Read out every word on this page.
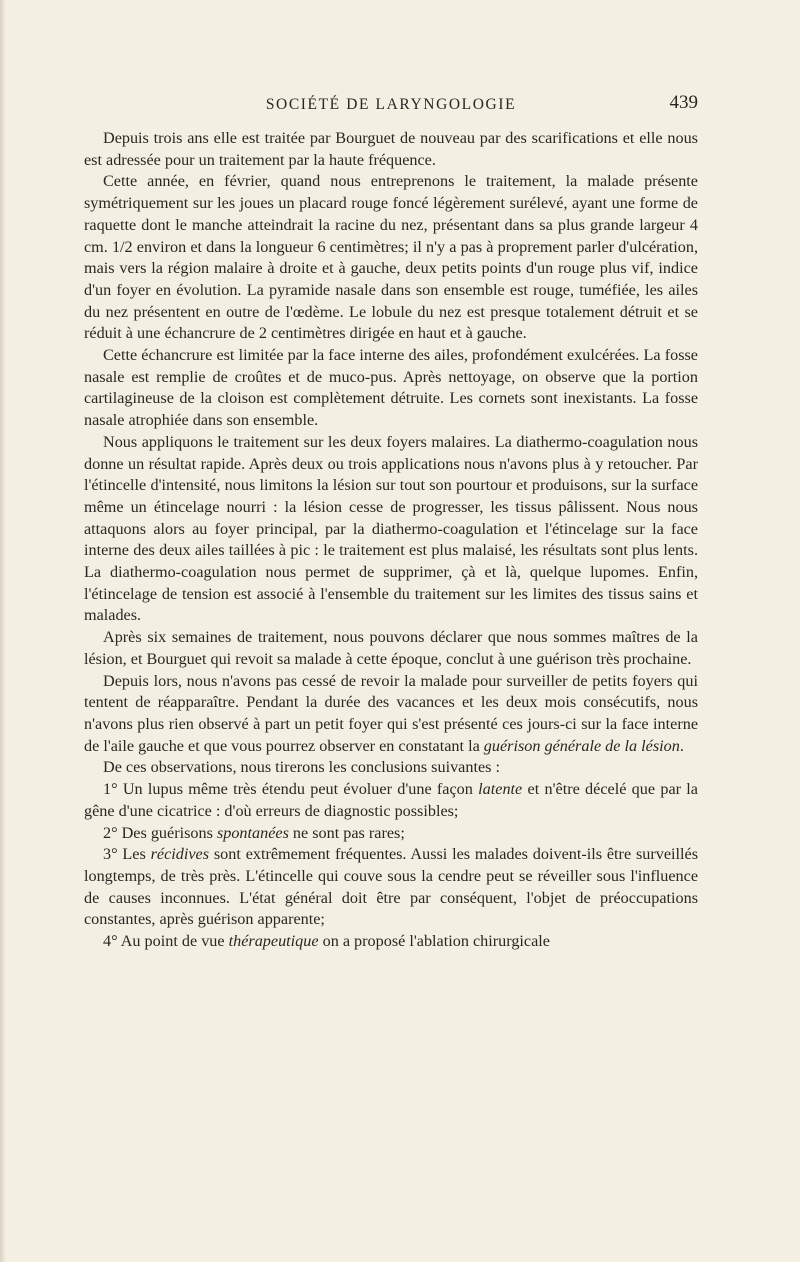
SOCIÉTÉ DE LARYNGOLOGIE	439

Depuis trois ans elle est traitée par Bourguet de nouveau par des scarifications et elle nous est adressée pour un traitement par la haute fréquence.

Cette année, en février, quand nous entreprenons le traitement, la malade présente symétriquement sur les joues un placard rouge foncé légèrement surélevé, ayant une forme de raquette dont le manche atteindrait la racine du nez, présentant dans sa plus grande largeur 4 cm. 1/2 environ et dans la longueur 6 centimètres; il n'y a pas à proprement parler d'ulcération, mais vers la région malaire à droite et à gauche, deux petits points d'un rouge plus vif, indice d'un foyer en évolution. La pyramide nasale dans son ensemble est rouge, tuméfiée, les ailes du nez présentent en outre de l'œdème. Le lobule du nez est presque totalement détruit et se réduit à une échancrure de 2 centimètres dirigée en haut et à gauche.

Cette échancrure est limitée par la face interne des ailes, profondément exulcérées. La fosse nasale est remplie de croûtes et de muco-pus. Après nettoyage, on observe que la portion cartilagineuse de la cloison est complètement détruite. Les cornets sont inexistants. La fosse nasale atrophiée dans son ensemble.

Nous appliquons le traitement sur les deux foyers malaires. La diathermo-coagulation nous donne un résultat rapide. Après deux ou trois applications nous n'avons plus à y retoucher. Par l'étincelle d'intensité, nous limitons la lésion sur tout son pourtour et produisons, sur la surface même un étincelage nourri : la lésion cesse de progresser, les tissus pâlissent. Nous nous attaquons alors au foyer principal, par la diathermo-coagulation et l'étincelage sur la face interne des deux ailes taillées à pic : le traitement est plus malaisé, les résultats sont plus lents. La diathermo-coagulation nous permet de supprimer, çà et là, quelque lupomes. Enfin, l'étincelage de tension est associé à l'ensemble du traitement sur les limites des tissus sains et malades.

Après six semaines de traitement, nous pouvons déclarer que nous sommes maîtres de la lésion, et Bourguet qui revoit sa malade à cette époque, conclut à une guérison très prochaine.

Depuis lors, nous n'avons pas cessé de revoir la malade pour surveiller de petits foyers qui tentent de réapparaître. Pendant la durée des vacances et les deux mois consécutifs, nous n'avons plus rien observé à part un petit foyer qui s'est présenté ces jours-ci sur la face interne de l'aile gauche et que vous pourrez observer en constatant la guérison générale de la lésion.

De ces observations, nous tirerons les conclusions suivantes :

1° Un lupus même très étendu peut évoluer d'une façon latente et n'être décelé que par la gêne d'une cicatrice : d'où erreurs de diagnostic possibles;

2° Des guérisons spontanées ne sont pas rares;

3° Les récidives sont extrêmement fréquentes. Aussi les malades doivent-ils être surveillés longtemps, de très près. L'étincelle qui couve sous la cendre peut se réveiller sous l'influence de causes inconnues. L'état général doit être par conséquent, l'objet de préoccupations constantes, après guérison apparente;

4° Au point de vue thérapeutique on a proposé l'ablation chirurgicale
